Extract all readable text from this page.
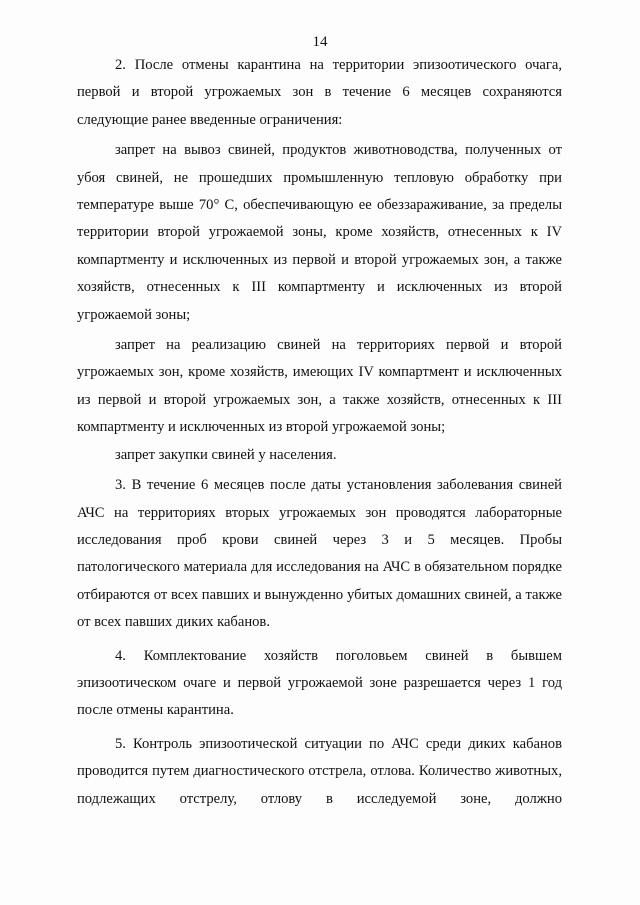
14

2. После отмены карантина на территории эпизоотического очага, первой и второй угрожаемых зон в течение 6 месяцев сохраняются следующие ранее введенные ограничения:

запрет на вывоз свиней, продуктов животноводства, полученных от убоя свиней, не прошедших промышленную тепловую обработку при температуре выше 70° С, обеспечивающую ее обеззараживание, за пределы территории второй угрожаемой зоны, кроме хозяйств, отнесенных к IV компартменту и исключенных из первой и второй угрожаемых зон, а также хозяйств, отнесенных к III компартменту и исключенных из второй угрожаемой зоны;

запрет на реализацию свиней на территориях первой и второй угрожаемых зон, кроме хозяйств, имеющих IV компартмент и исключенных из первой и второй угрожаемых зон, а также хозяйств, отнесенных к III компартменту и исключенных из второй угрожаемой зоны;

запрет закупки свиней у населения.

3. В течение 6 месяцев после даты установления заболевания свиней АЧС на территориях вторых угрожаемых зон проводятся лабораторные исследования проб крови свиней через 3 и 5 месяцев. Пробы патологического материала для исследования на АЧС в обязательном порядке отбираются от всех павших и вынужденно убитых домашних свиней, а также от всех павших диких кабанов.

4. Комплектование хозяйств поголовьем свиней в бывшем эпизоотическом очаге и первой угрожаемой зоне разрешается через 1 год после отмены карантина.

5. Контроль эпизоотической ситуации по АЧС среди диких кабанов проводится путем диагностического отстрела, отлова. Количество животных, подлежащих отстрелу, отлову в исследуемой зоне, должно
